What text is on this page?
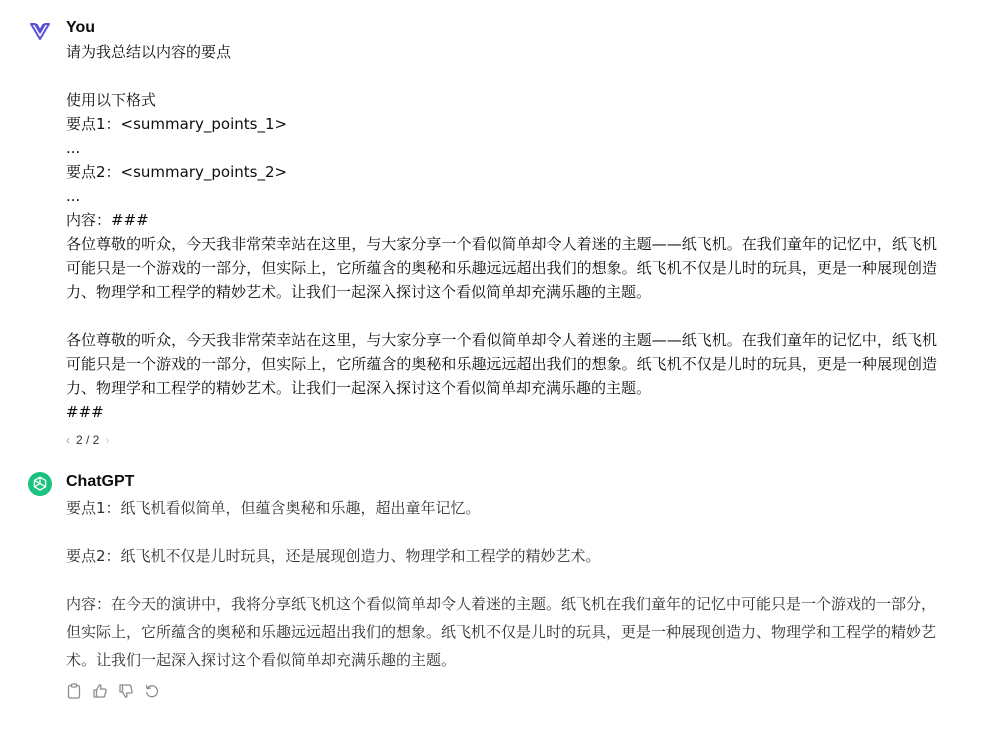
You
请为我总结以内容的要点
使用以下格式
要点1：<summary_points_1>
...
要点2：<summary_points_2>
...
内容：###
各位尊敬的听众，今天我非常荣幸站在这里，与大家分享一个看似简单却令人着迷的主题——纸飞机。在我们童年的记忆中，纸飞机可能只是一个游戏的一部分，但实际上，它所蕴含的奥秘和乐趣远远超出我们的想象。纸飞机不仅是儿时的玩具，更是一种展现创造力、物理学和工程学的精妙艺术。让我们一起深入探讨这个看似简单却充满乐趣的主题。
各位尊敬的听众，今天我非常荣幸站在这里，与大家分享一个看似简单却令人着迷的主题——纸飞机。在我们童年的记忆中，纸飞机可能只是一个游戏的一部分，但实际上，它所蕴含的奥秘和乐趣远远超出我们的想象。纸飞机不仅是儿时的玩具，更是一种展现创造力、物理学和工程学的精妙艺术。让我们一起深入探讨这个看似简单却充满乐趣的主题。
###
‹ 2 / 2 ›
ChatGPT
要点1：纸飞机看似简单，但蕴含奥秘和乐趣，超出童年记忆。
要点2：纸飞机不仅是儿时玩具，还是展现创造力、物理学和工程学的精妙艺术。
内容：在今天的演讲中，我将分享纸飞机这个看似简单却令人着迷的主题。纸飞机在我们童年的记忆中可能只是一个游戏的一部分，但实际上，它所蕴含的奥秘和乐趣远远超出我们的想象。纸飞机不仅是儿时的玩具，更是一种展现创造力、物理学和工程学的精妙艺术。让我们一起深入探讨这个看似简单却充满乐趣的主题。
